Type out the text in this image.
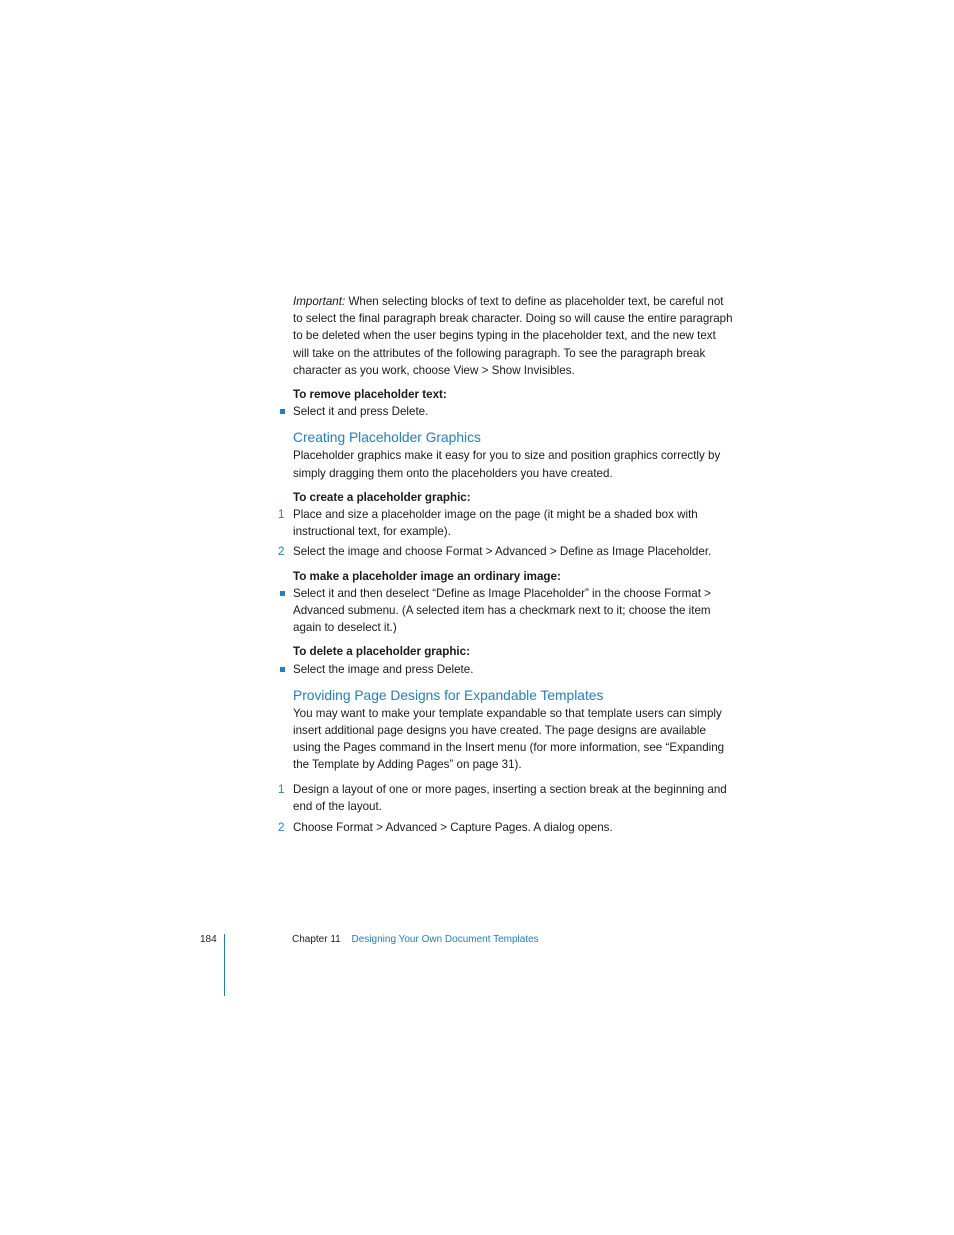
Important: When selecting blocks of text to define as placeholder text, be careful not to select the final paragraph break character. Doing so will cause the entire paragraph to be deleted when the user begins typing in the placeholder text, and the new text will take on the attributes of the following paragraph. To see the paragraph break character as you work, choose View > Show Invisibles.

To remove placeholder text:

Select it and press Delete.

Creating Placeholder Graphics

Placeholder graphics make it easy for you to size and position graphics correctly by simply dragging them onto the placeholders you have created.

To create a placeholder graphic:

1 Place and size a placeholder image on the page (it might be a shaded box with instructional text, for example).
2 Select the image and choose Format > Advanced > Define as Image Placeholder.

To make a placeholder image an ordinary image:

Select it and then deselect “Define as Image Placeholder” in the choose Format > Advanced submenu. (A selected item has a checkmark next to it; choose the item again to deselect it.)

To delete a placeholder graphic:

Select the image and press Delete.

Providing Page Designs for Expandable Templates

You may want to make your template expandable so that template users can simply insert additional page designs you have created. The page designs are available using the Pages command in the Insert menu (for more information, see “Expanding the Template by Adding Pages” on page 31).

1 Design a layout of one or more pages, inserting a section break at the beginning and end of the layout.
2 Choose Format > Advanced > Capture Pages. A dialog opens.
184	Chapter 11 Designing Your Own Document Templates
